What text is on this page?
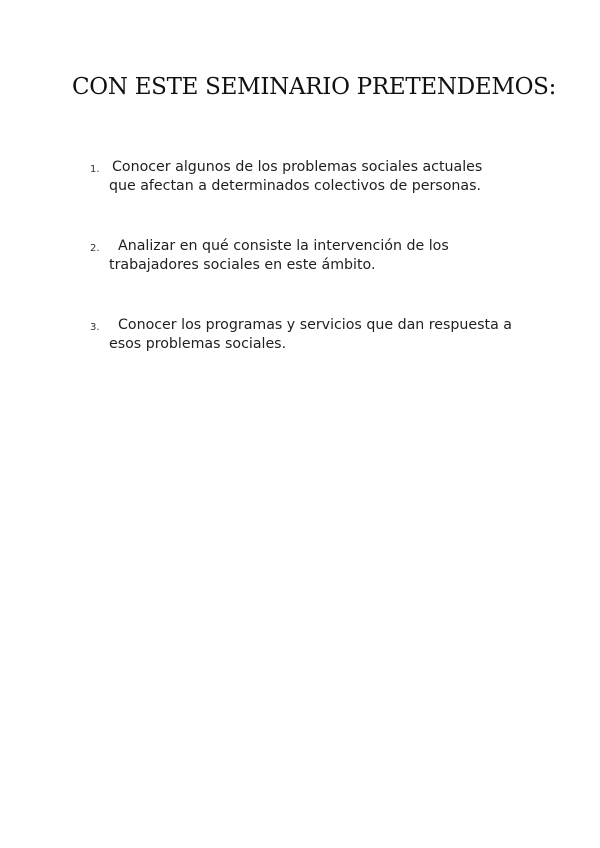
CON ESTE SEMINARIO PRETENDEMOS:
1. Conocer algunos de los problemas sociales actuales
que afectan a determinados colectivos de personas.
2.	Analizar en qué consiste la intervención de los
trabajadores sociales en este ámbito.
3.	Conocer los programas y servicios que dan respuesta a
esos problemas sociales.
